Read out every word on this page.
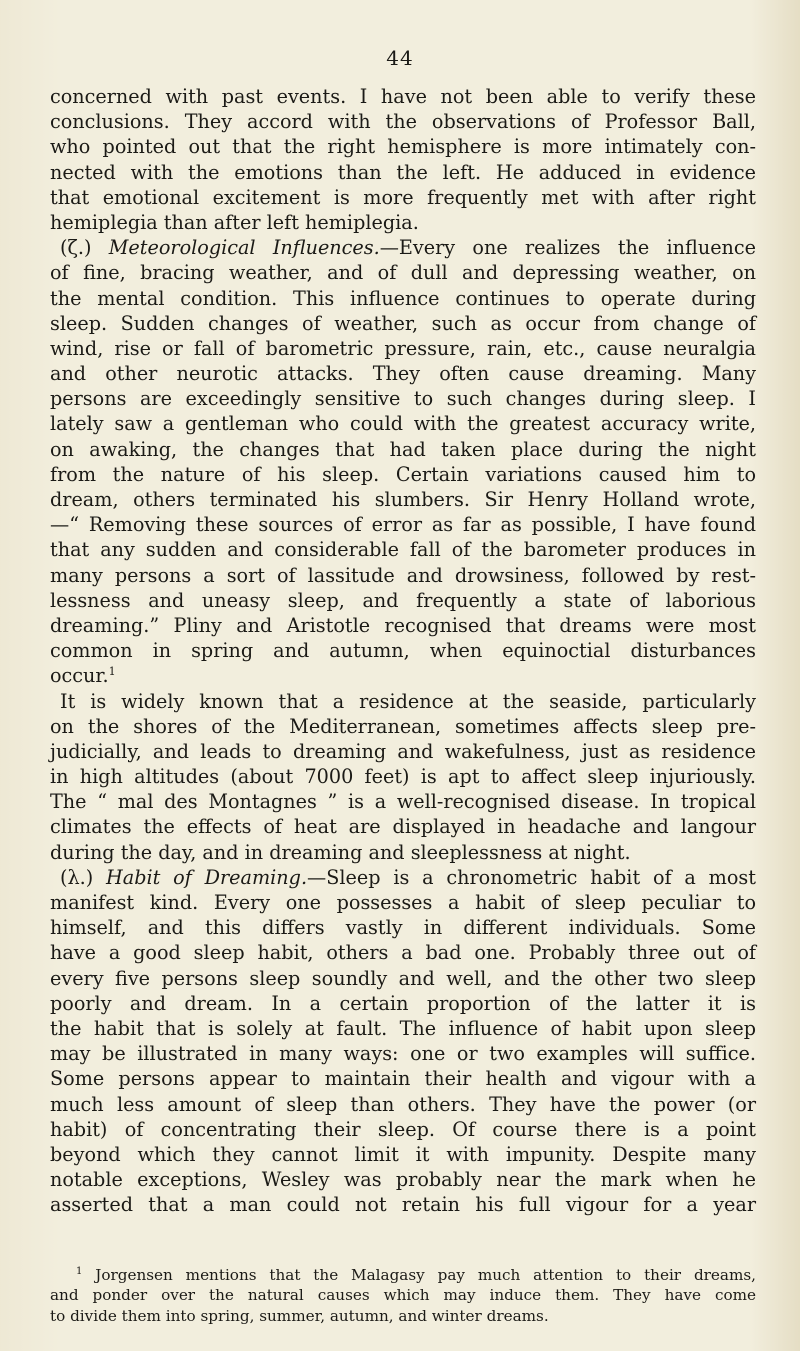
44
concerned with past events. I have not been able to verify these
conclusions. They accord with the observations of Professor Ball,
who pointed out that the right hemisphere is more intimately con-
nected with the emotions than the left. He adduced in evidence
that emotional excitement is more frequently met with after right
hemiplegia than after left hemiplegia.
(ζ.) Meteorological Influences.—Every one realizes the influence
of fine, bracing weather, and of dull and depressing weather, on
the mental condition. This influence continues to operate during
sleep. Sudden changes of weather, such as occur from change of
wind, rise or fall of barometric pressure, rain, etc., cause neuralgia
and other neurotic attacks. They often cause dreaming. Many
persons are exceedingly sensitive to such changes during sleep. I
lately saw a gentleman who could with the greatest accuracy write,
on awaking, the changes that had taken place during the night
from the nature of his sleep. Certain variations caused him to
dream, others terminated his slumbers. Sir Henry Holland wrote,
—“ Removing these sources of error as far as possible, I have found
that any sudden and considerable fall of the barometer produces in
many persons a sort of lassitude and drowsiness, followed by rest-
lessness and uneasy sleep, and frequently a state of laborious
dreaming.” Pliny and Aristotle recognised that dreams were most
common in spring and autumn, when equinoctial disturbances
occur.$^1$
It is widely known that a residence at the seaside, particularly
on the shores of the Mediterranean, sometimes affects sleep pre-
judicially, and leads to dreaming and wakefulness, just as residence
in high altitudes (about 7000 feet) is apt to affect sleep injuriously.
The “ mal des Montagnes ” is a well-recognised disease. In tropical
climates the effects of heat are displayed in headache and langour
during the day, and in dreaming and sleeplessness at night.
(λ.) Habit of Dreaming.—Sleep is a chronometric habit of a most
manifest kind. Every one possesses a habit of sleep peculiar to
himself, and this differs vastly in different individuals. Some
have a good sleep habit, others a bad one. Probably three out of
every five persons sleep soundly and well, and the other two sleep
poorly and dream. In a certain proportion of the latter it is
the habit that is solely at fault. The influence of habit upon sleep
may be illustrated in many ways: one or two examples will suffice.
Some persons appear to maintain their health and vigour with a
much less amount of sleep than others. They have the power (or
habit) of concentrating their sleep. Of course there is a point
beyond which they cannot limit it with impunity. Despite many
notable exceptions, Wesley was probably near the mark when he
asserted that a man could not retain his full vigour for a year
$^1$ Jorgensen mentions that the Malagasy pay much attention to their dreams,
and ponder over the natural causes which may induce them. They have come
to divide them into spring, summer, autumn, and winter dreams.
